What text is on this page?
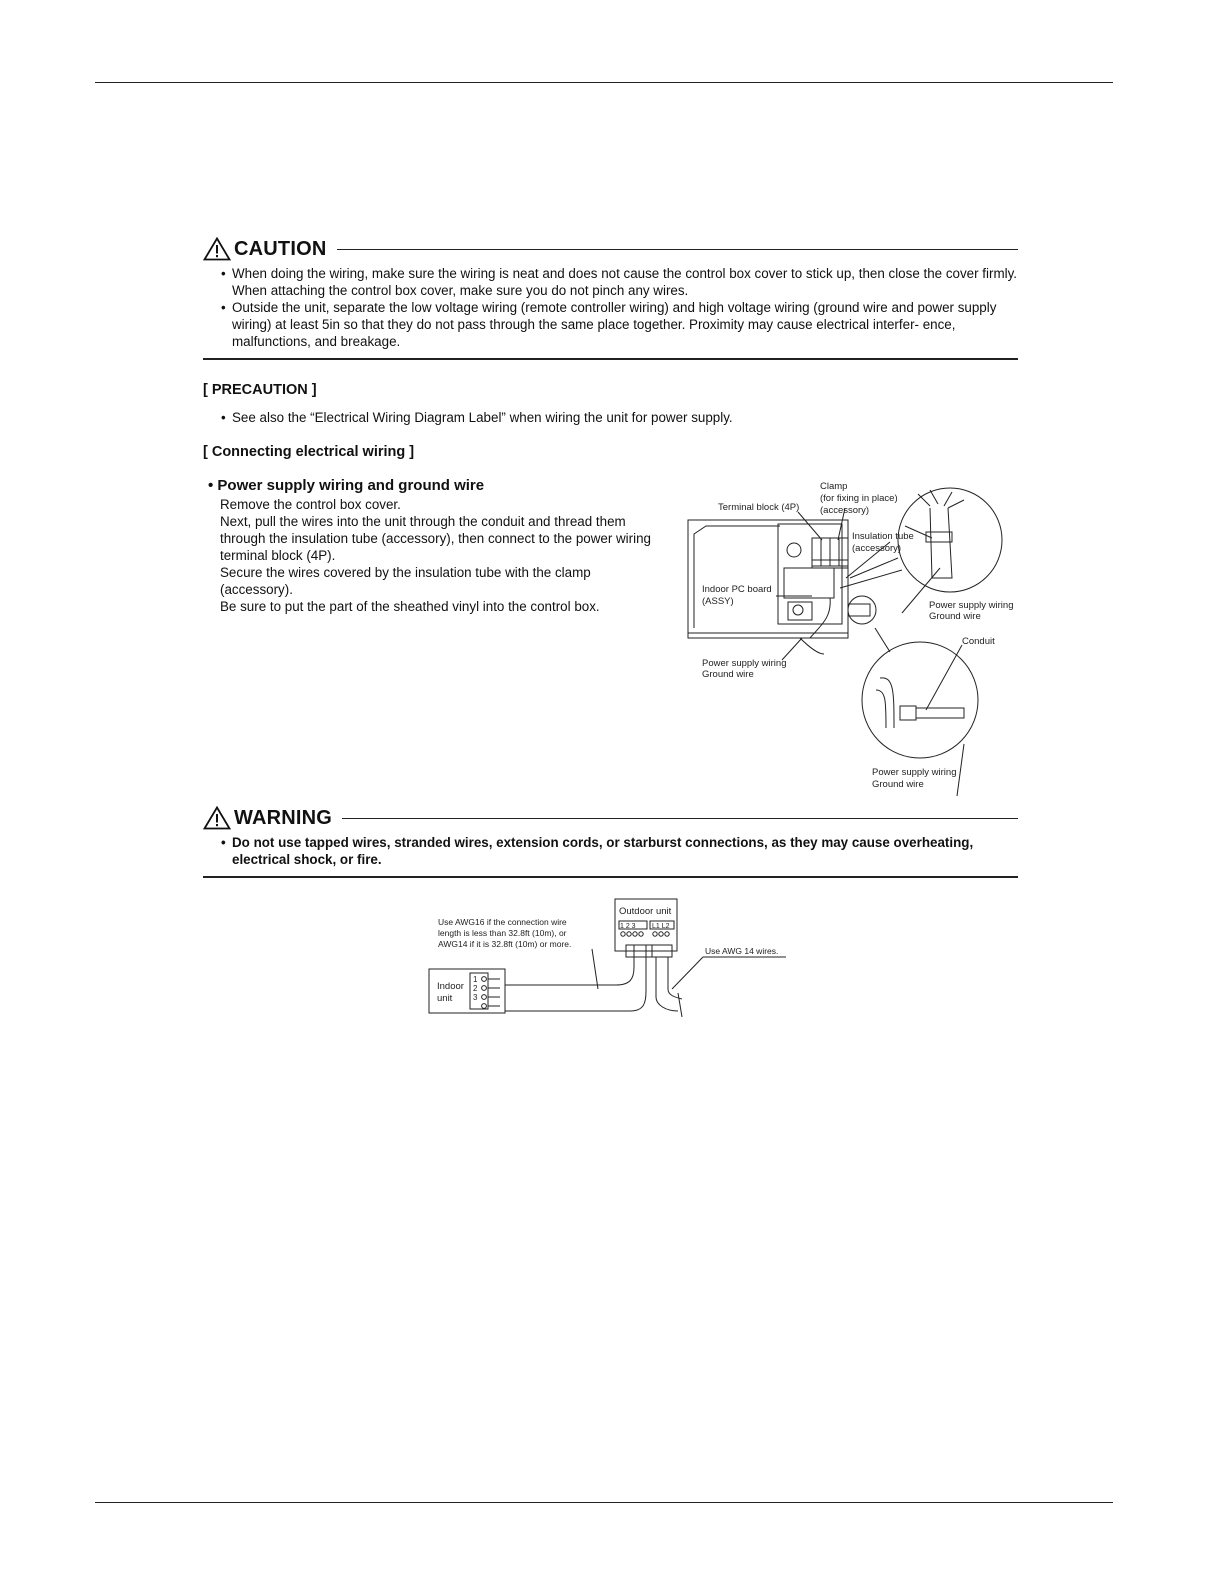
CAUTION
• When doing the wiring, make sure the wiring is neat and does not cause the control box cover to stick up, then close the cover firmly. When attaching the control box cover, make sure you do not pinch any wires.
• Outside the unit, separate the low voltage wiring (remote controller wiring) and high voltage wiring (ground wire and power supply wiring) at least 5in so that they do not pass through the same place together. Proximity may cause electrical interfer- ence, malfunctions, and breakage.
[ PRECAUTION ]
• See also the “Electrical Wiring Diagram Label” when wiring the unit for power supply.
[ Connecting electrical wiring ]
• Power supply wiring and ground wire

Remove the control box cover.

Next, pull the wires into the unit through the conduit and thread them through the insulation tube (accessory), then connect to the power wiring terminal block (4P).

Secure the wires covered by the insulation tube with the clamp (accessory).

Be sure to put the part of the sheathed vinyl into the control box.

Terminal block (4P)
Clamp
(for fixing in place)
(accessory)
Insulation tube
(accessory)
Indoor PC board
(ASSY)	Power supply wiring
Ground wire
Conduit
Power supply wiring
Ground wire
Power supply wiring
Ground wire
WARNING
• Do not use tapped wires, stranded wires, extension cords, or starburst connections, as they may cause overheating, electrical shock, or fire.
Outdoor unit
1 2 3 L1 L2
Indoor
unit
1
2
3
Use AWG16 if the connection wire
length is less than 32.8ft (10m), or
AWG14 if it is 32.8ft (10m) or more.
Use AWG 14 wires.
